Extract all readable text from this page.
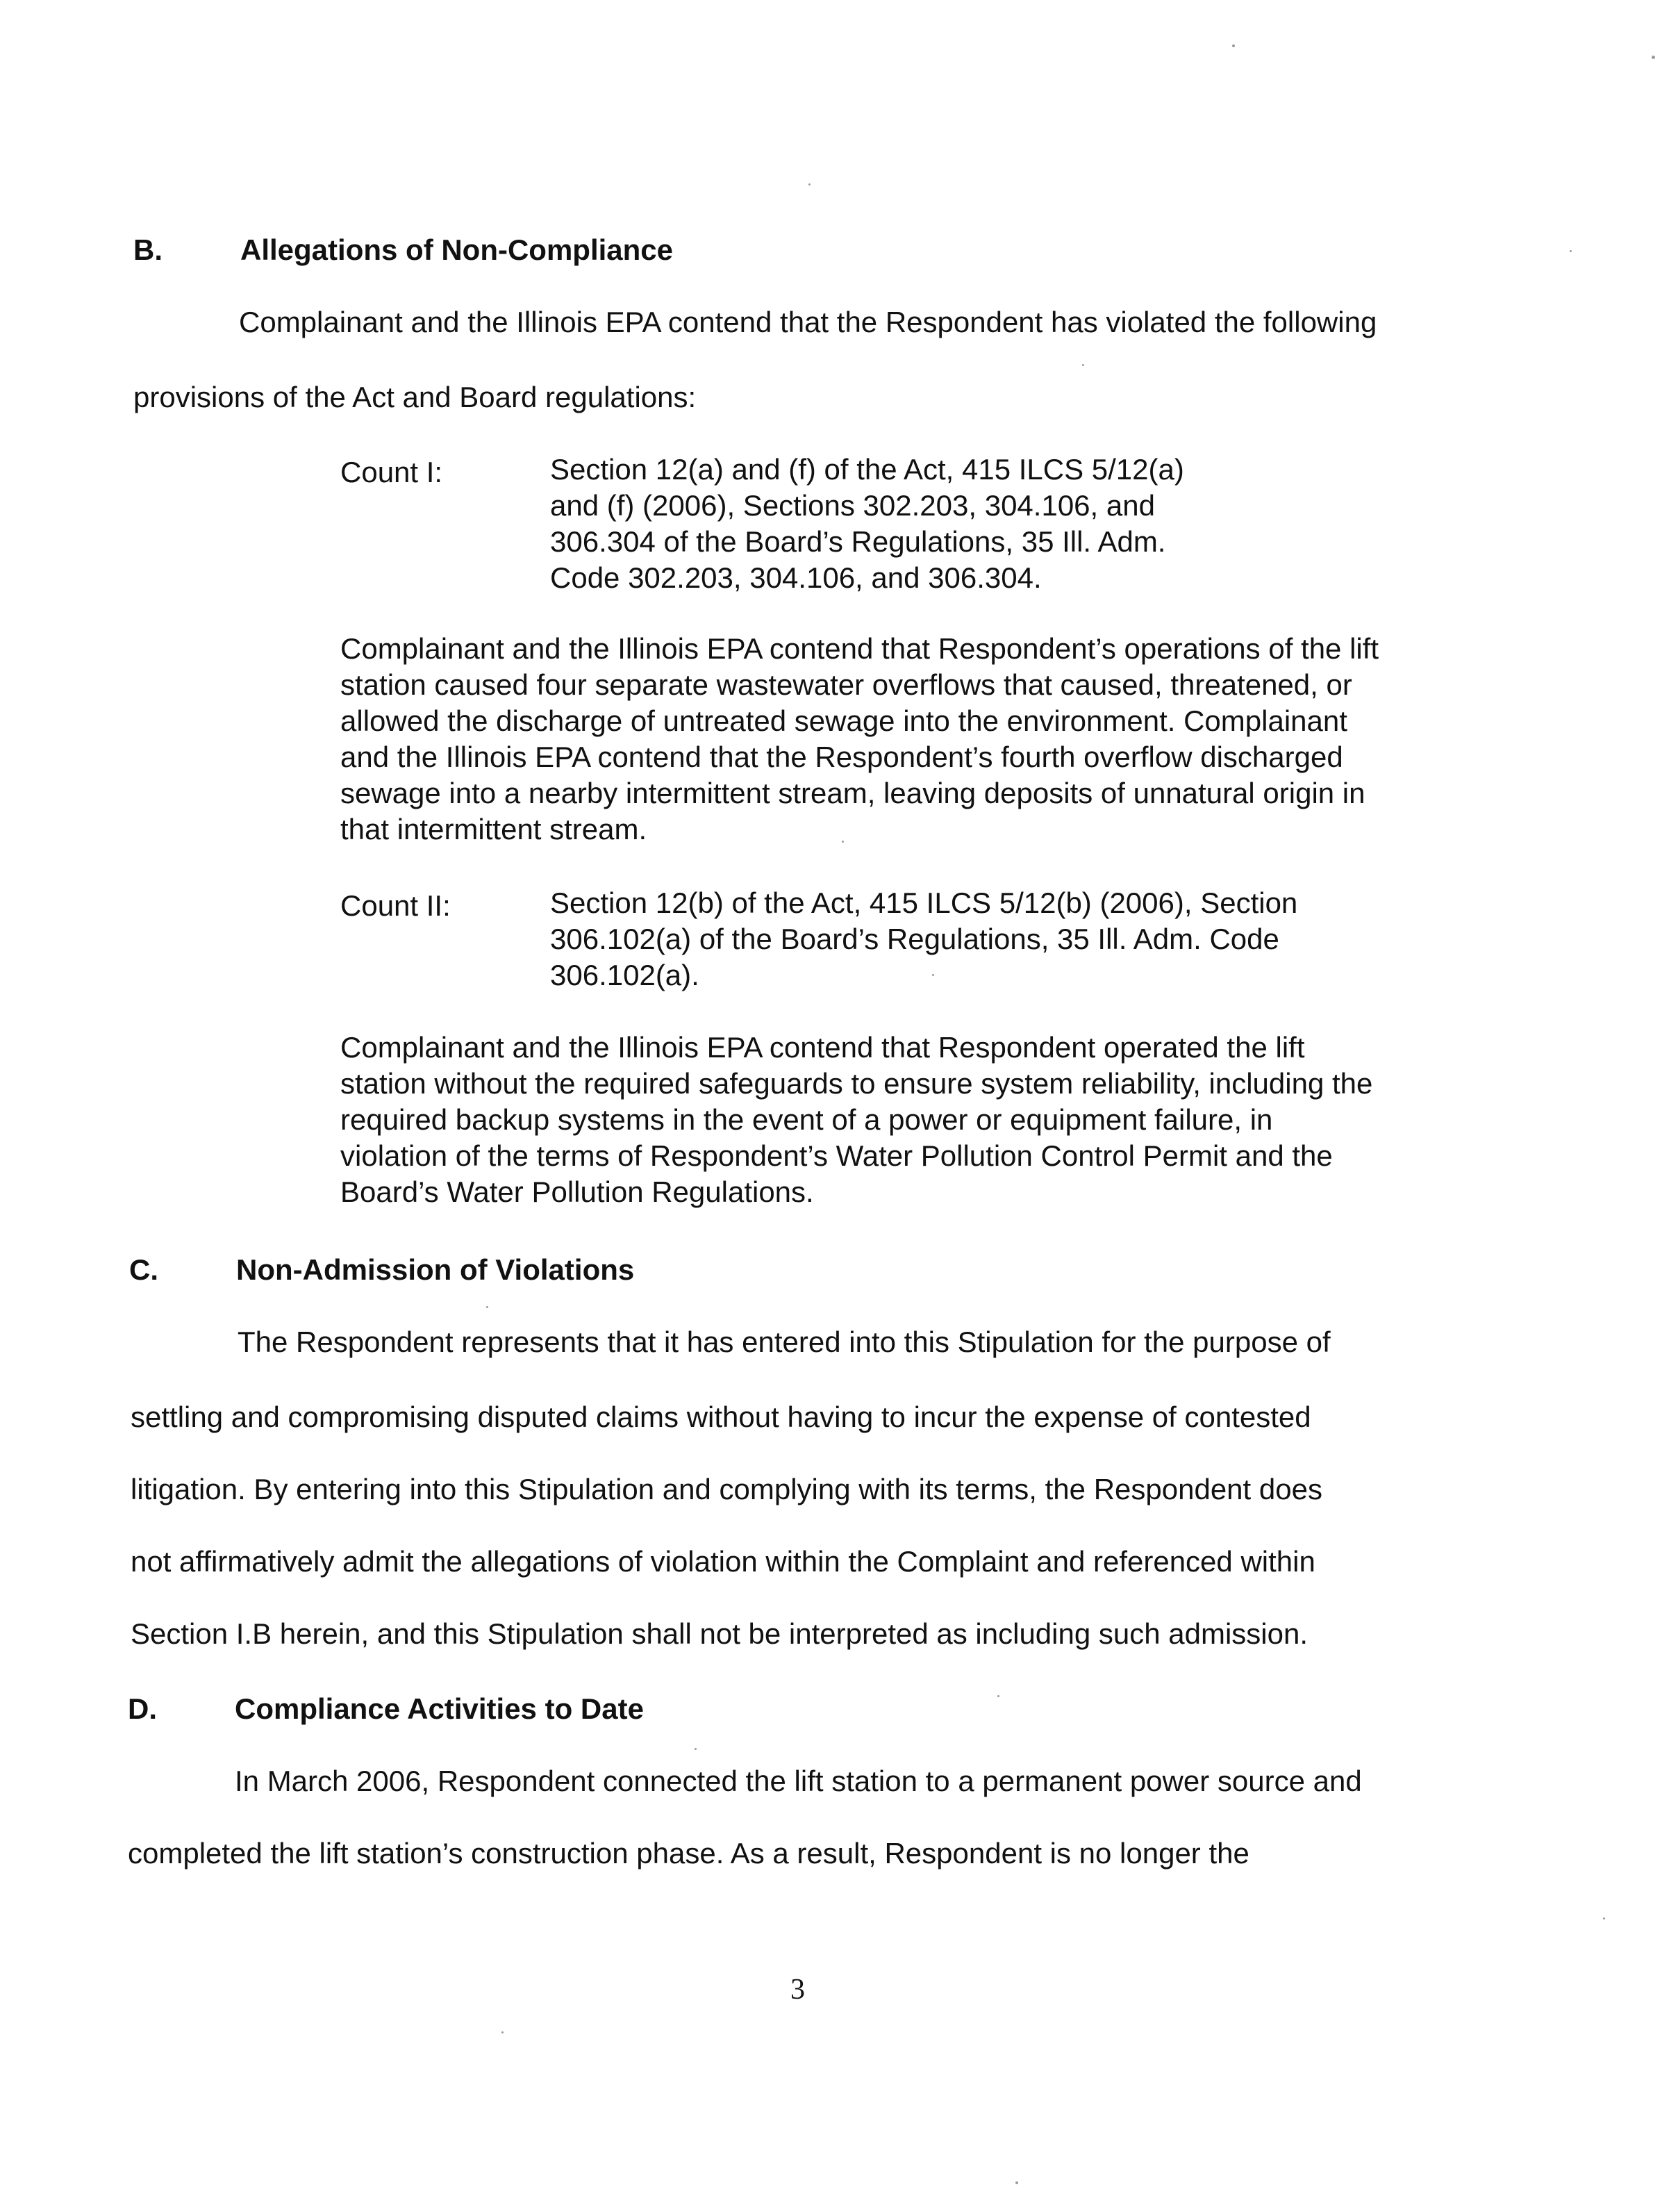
B.	Allegations of Non-Compliance
Complainant and the Illinois EPA contend that the Respondent has violated the following
provisions of the Act and Board regulations:
Count I:	Section 12(a) and (f) of the Act, 415 ILCS 5/12(a)
and (f) (2006), Sections 302.203, 304.106, and
306.304 of the Board’s Regulations, 35 Ill. Adm.
Code 302.203, 304.106, and 306.304.
Complainant and the Illinois EPA contend that Respondent’s operations of the lift
station caused four separate wastewater overflows that caused, threatened, or
allowed the discharge of untreated sewage into the environment. Complainant
and the Illinois EPA contend that the Respondent’s fourth overflow discharged
sewage into a nearby intermittent stream, leaving deposits of unnatural origin in
that intermittent stream.
Count II:	Section 12(b) of the Act, 415 ILCS 5/12(b) (2006), Section
306.102(a) of the Board’s Regulations, 35 Ill. Adm. Code
306.102(a).
Complainant and the Illinois EPA contend that Respondent operated the lift
station without the required safeguards to ensure system reliability, including the
required backup systems in the event of a power or equipment failure, in
violation of the terms of Respondent’s Water Pollution Control Permit and the
Board’s Water Pollution Regulations.
C.	Non-Admission of Violations
The Respondent represents that it has entered into this Stipulation for the purpose of
settling and compromising disputed claims without having to incur the expense of contested
litigation. By entering into this Stipulation and complying with its terms, the Respondent does
not affirmatively admit the allegations of violation within the Complaint and referenced within
Section I.B herein, and this Stipulation shall not be interpreted as including such admission.
D.	Compliance Activities to Date
In March 2006, Respondent connected the lift station to a permanent power source and
completed the lift station’s construction phase. As a result, Respondent is no longer the
3
